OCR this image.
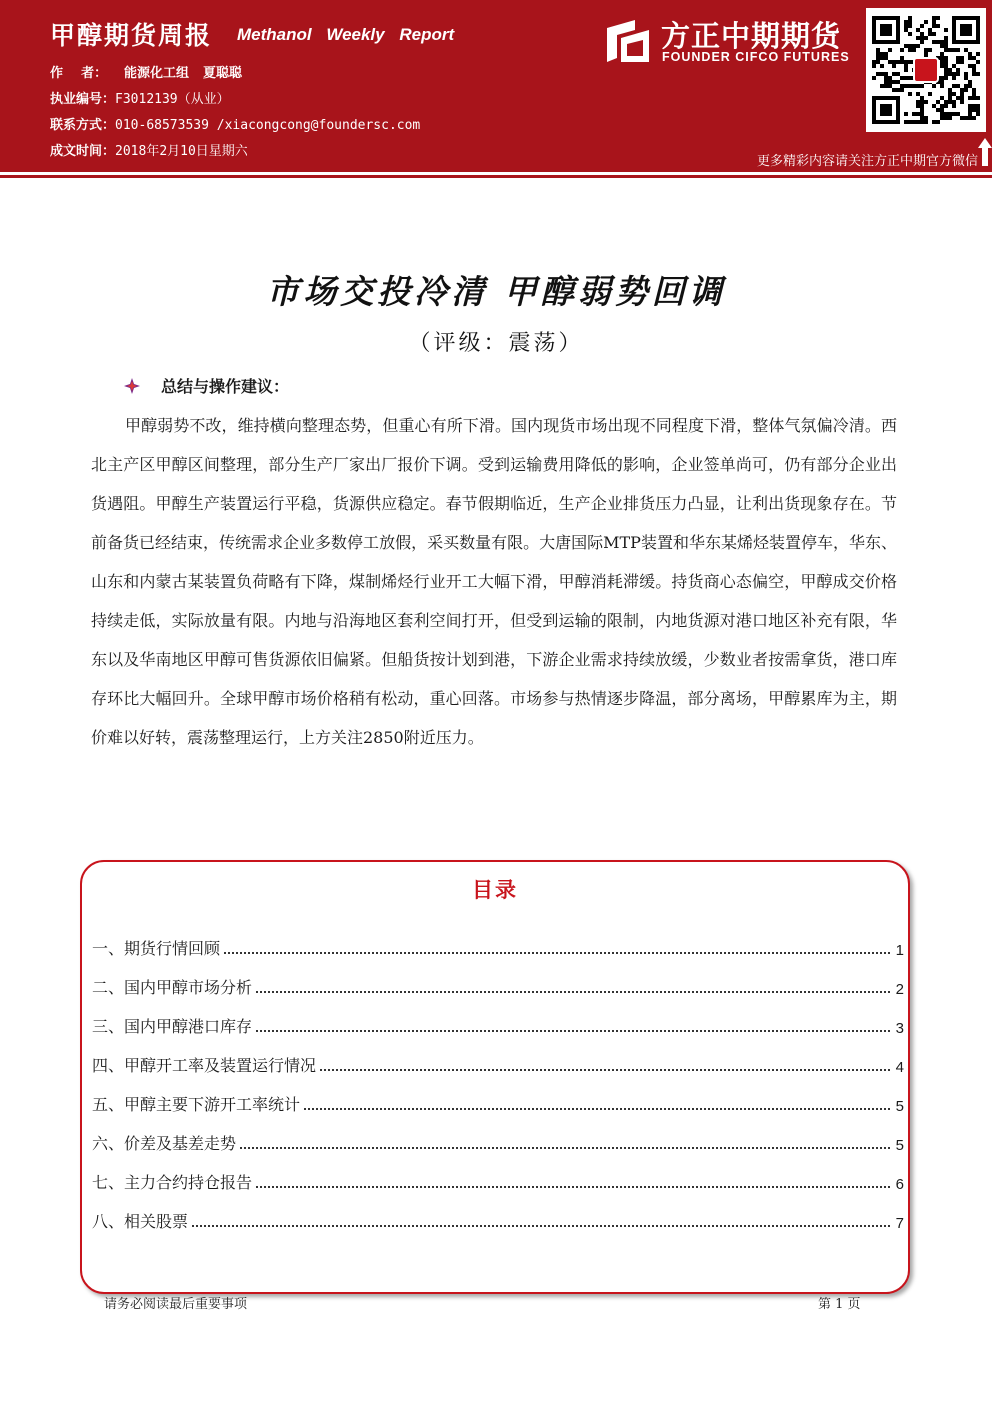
甲醇期货周报 Methanol Weekly Report
作    者： 能源化工组 夏聪聪
执业编号：F3012139（从业）
联系方式：010-68573539 /xiacongcong@foundersc.com
成文时间：2018年2月10日星期六
方正中期期货
FOUNDER CIFCO FUTURES
更多精彩内容请关注方正中期官方微信
市场交投冷清 甲醇弱势回调
（评级：震荡）
总结与操作建议：
甲醇弱势不改，维持横向整理态势，但重心有所下滑。国内现货市场出现不同程度下滑，整体气氛偏冷清。西北主产区甲醇区间整理，部分生产厂家出厂报价下调。受到运输费用降低的影响，企业签单尚可，仍有部分企业出货遇阻。甲醇生产装置运行平稳，货源供应稳定。春节假期临近，生产企业排货压力凸显，让利出货现象存在。节前备货已经结束，传统需求企业多数停工放假，采买数量有限。大唐国际MTP装置和华东某烯烃装置停车，华东、山东和内蒙古某装置负荷略有下降，煤制烯烃行业开工大幅下滑，甲醇消耗滞缓。持货商心态偏空，甲醇成交价格持续走低，实际放量有限。内地与沿海地区套利空间打开，但受到运输的限制，内地货源对港口地区补充有限，华东以及华南地区甲醇可售货源依旧偏紧。但船货按计划到港，下游企业需求持续放缓，少数业者按需拿货，港口库存环比大幅回升。全球甲醇市场价格稍有松动，重心回落。市场参与热情逐步降温，部分离场，甲醇累库为主，期价难以好转，震荡整理运行，上方关注2850附近压力。
目录
一、 期货行情回顾	1
二、 国内甲醇市场分析	2
三、 国内甲醇港口库存	3
四、 甲醇开工率及装置运行情况	4
五、 甲醇主要下游开工率统计	5
六、 价差及基差走势	5
七、 主力合约持仓报告	6
八、 相关股票	7
请务必阅读最后重要事项	第 1 页
